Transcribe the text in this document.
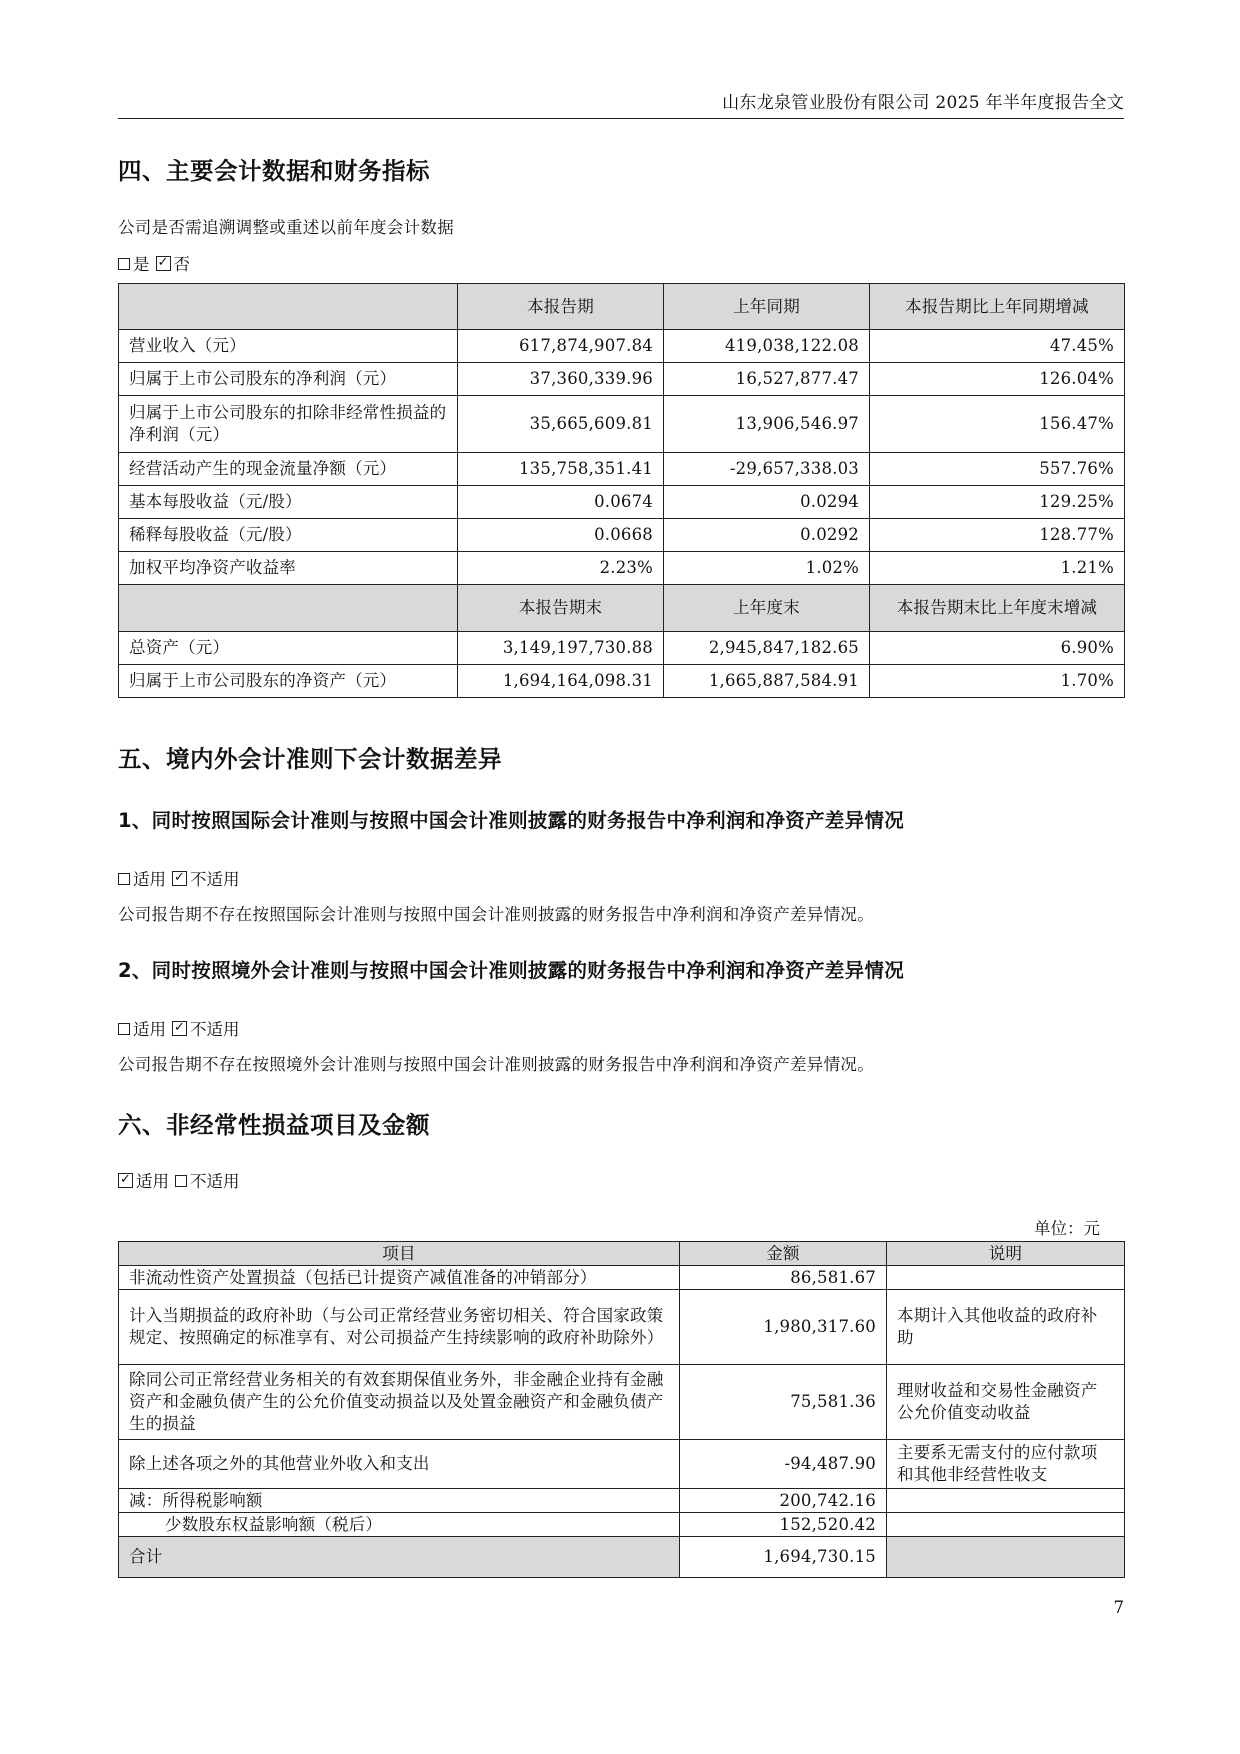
山东龙泉管业股份有限公司 2025 年半年度报告全文
四、主要会计数据和财务指标
公司是否需追溯调整或重述以前年度会计数据
是 ✓ 否
	本报告期	上年同期	本报告期比上年同期增减
营业收入（元）	617,874,907.84	419,038,122.08	47.45%
归属于上市公司股东的净利润（元）	37,360,339.96	16,527,877.47	126.04%
归属于上市公司股东的扣除非经常性损益的净利润（元）	35,665,609.81	13,906,546.97	156.47%
经营活动产生的现金流量净额（元）	135,758,351.41	-29,657,338.03	557.76%
基本每股收益（元/股）	0.0674	0.0294	129.25%
稀释每股收益（元/股）	0.0668	0.0292	128.77%
加权平均净资产收益率	2.23%	1.02%	1.21%
	本报告期末	上年度末	本报告期末比上年度末增减
总资产（元）	3,149,197,730.88	2,945,847,182.65	6.90%
归属于上市公司股东的净资产（元）	1,694,164,098.31	1,665,887,584.91	1.70%
五、境内外会计准则下会计数据差异
1、同时按照国际会计准则与按照中国会计准则披露的财务报告中净利润和净资产差异情况
适用 ✓ 不适用
公司报告期不存在按照国际会计准则与按照中国会计准则披露的财务报告中净利润和净资产差异情况。
2、同时按照境外会计准则与按照中国会计准则披露的财务报告中净利润和净资产差异情况
适用 ✓ 不适用
公司报告期不存在按照境外会计准则与按照中国会计准则披露的财务报告中净利润和净资产差异情况。
六、非经常性损益项目及金额
✓
适用 不适用
单位：元
项目	金额	说明
非流动性资产处置损益（包括已计提资产减值准备的冲销部分）	86,581.67	
计入当期损益的政府补助（与公司正常经营业务密切相关、符合国家政策规定、按照确定的标准享有、对公司损益产生持续影响的政府补助除外）	1,980,317.60	本期计入其他收益的政府补助
除同公司正常经营业务相关的有效套期保值业务外，非金融企业持有金融资产和金融负债产生的公允价值变动损益以及处置金融资产和金融负债产生的损益	75,581.36	理财收益和交易性金融资产公允价值变动收益
除上述各项之外的其他营业外收入和支出	-94,487.90	主要系无需支付的应付款项和其他非经营性收支
减：所得税影响额	200,742.16	
少数股东权益影响额（税后）	152,520.42	
合计	1,694,730.15	
7
